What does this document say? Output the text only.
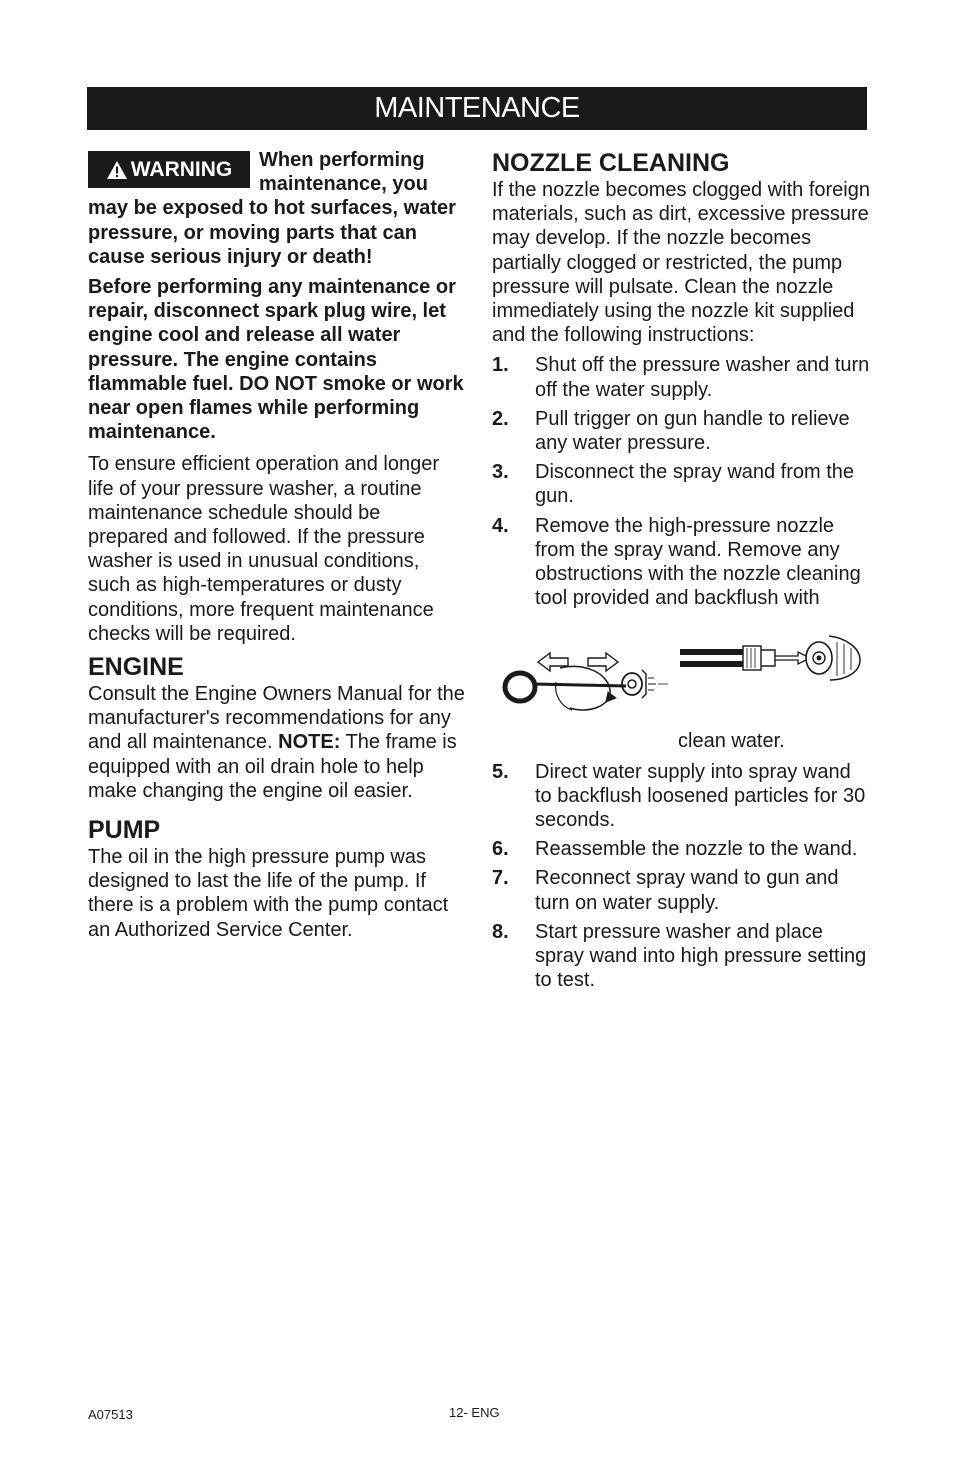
MAINTENANCE
WARNING	When performing maintenance, you may be exposed to hot surfaces, water pressure, or moving parts that can cause serious injury or death!

Before performing any maintenance or repair, disconnect spark plug wire, let engine cool and release all water pressure. The engine contains flammable fuel. DO NOT smoke or work near open flames while performing maintenance.

To ensure efficient operation and longer life of your pressure washer, a routine maintenance schedule should be prepared and followed. If the pressure washer is used in unusual conditions, such as high-temperatures or dusty conditions, more frequent maintenance checks will be required.

ENGINE

Consult the Engine Owners Manual for the manufacturer's recommendations for any and all maintenance. NOTE: The frame is equipped with an oil drain hole to help make changing the engine oil easier.

PUMP

The oil in the high pressure pump was designed to last the life of the pump. If there is a problem with the pump contact an Authorized Service Center.

NOZZLE CLEANING

If the nozzle becomes clogged with foreign materials, such as dirt, excessive pressure may develop. If the nozzle becomes partially clogged or restricted, the pump pressure will pulsate. Clean the nozzle immediately using the nozzle kit supplied and the following instructions:

1. Shut off the pressure washer and turn off the water supply.
2. Pull trigger on gun handle to relieve any water pressure.
3. Disconnect the spray wand from the gun.
4. Remove the high-pressure nozzle from the spray wand. Remove any obstructions with the nozzle cleaning tool provided and backflush with

clean water.

5. Direct water supply into spray wand to backflush loosened particles for 30 seconds.
6. Reassemble the nozzle to the wand.
7. Reconnect spray wand to gun and turn on water supply.
8. Start pressure washer and place spray wand into high pressure setting to test.
A07513	12- ENG
